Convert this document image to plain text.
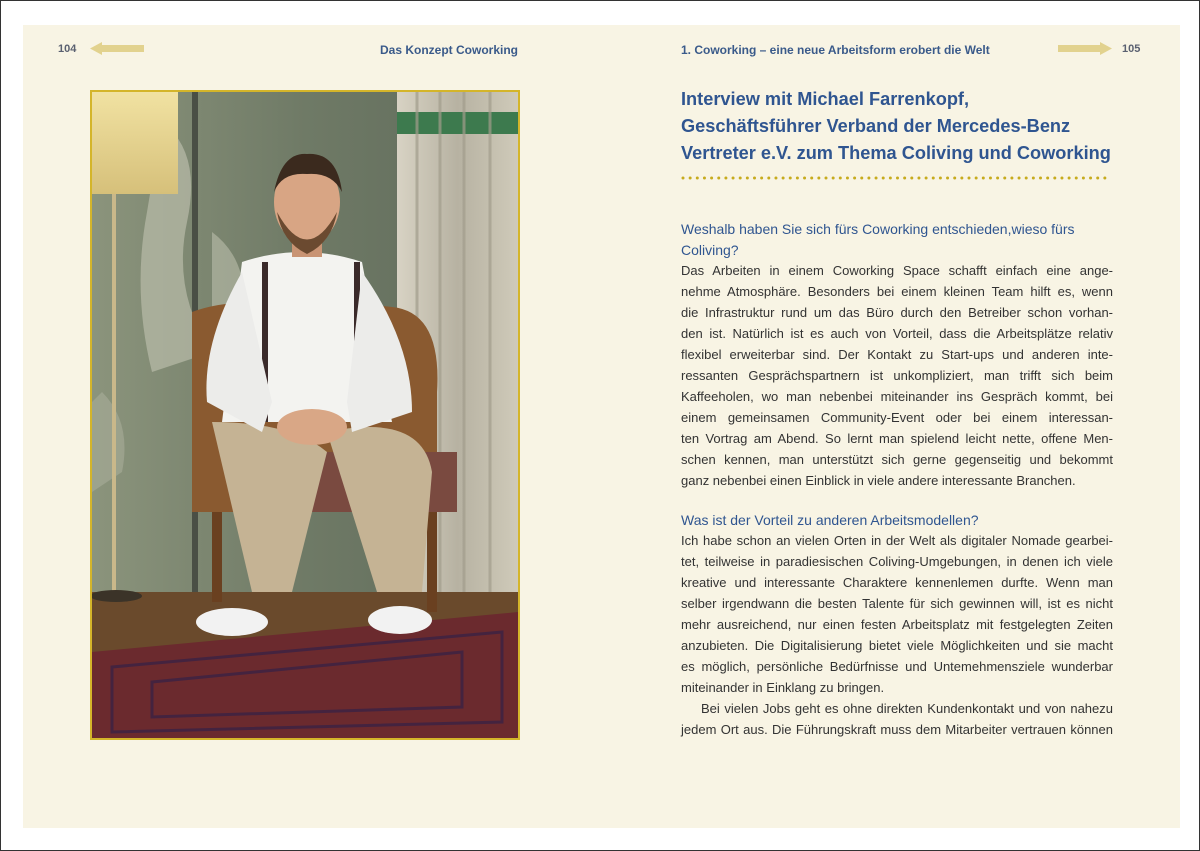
104	Das Konzept Coworking	1. Coworking – eine neue Arbeitsform erobert die Welt	105
Interview mit Michael Farrenkopf,
Geschäftsführer Verband der Mercedes-Benz
Vertreter e.V. zum Thema Coliving und Coworking
Weshalb haben Sie sich fürs Coworking entschieden,wieso fürs
Coliving?
Das Arbeiten in einem Coworking Space schafft einfach eine ange-
nehme Atmosphäre. Besonders bei einem kleinen Team hilft es, wenn
die Infrastruktur rund um das Büro durch den Betreiber schon vorhan-
den ist. Natürlich ist es auch von Vorteil, dass die Arbeitsplätze relativ
flexibel erweiterbar sind. Der Kontakt zu Start-ups und anderen inte-
ressanten Gesprächspartnern ist unkompliziert, man trifft sich beim
Kaffeeholen, wo man nebenbei miteinander ins Gespräch kommt, bei
einem gemeinsamen Community-Event oder bei einem interessan-
ten Vortrag am Abend. So lernt man spielend leicht nette, offene Men-
schen kennen, man unterstützt sich gerne gegenseitig und bekommt
ganz nebenbei einen Einblick in viele andere interessante Branchen.
Was ist der Vorteil zu anderen Arbeitsmodellen?
Ich habe schon an vielen Orten in der Welt als digitaler Nomade gearbei-
tet, teilweise in paradiesischen Coliving-Umgebungen, in denen ich viele
kreative und interessante Charaktere kennenlemen durfte. Wenn man
selber irgendwann die besten Talente für sich gewinnen will, ist es nicht
mehr ausreichend, nur einen festen Arbeitsplatz mit festgelegten Zeiten
anzubieten. Die Digitalisierung bietet viele Möglichkeiten und sie macht
es möglich, persönliche Bedürfnisse und Untemehmensziele wunderbar
miteinander in Einklang zu bringen.
Bei vielen Jobs geht es ohne direkten Kundenkontakt und von nahezu
jedem Ort aus. Die Führungskraft muss dem Mitarbeiter vertrauen können
